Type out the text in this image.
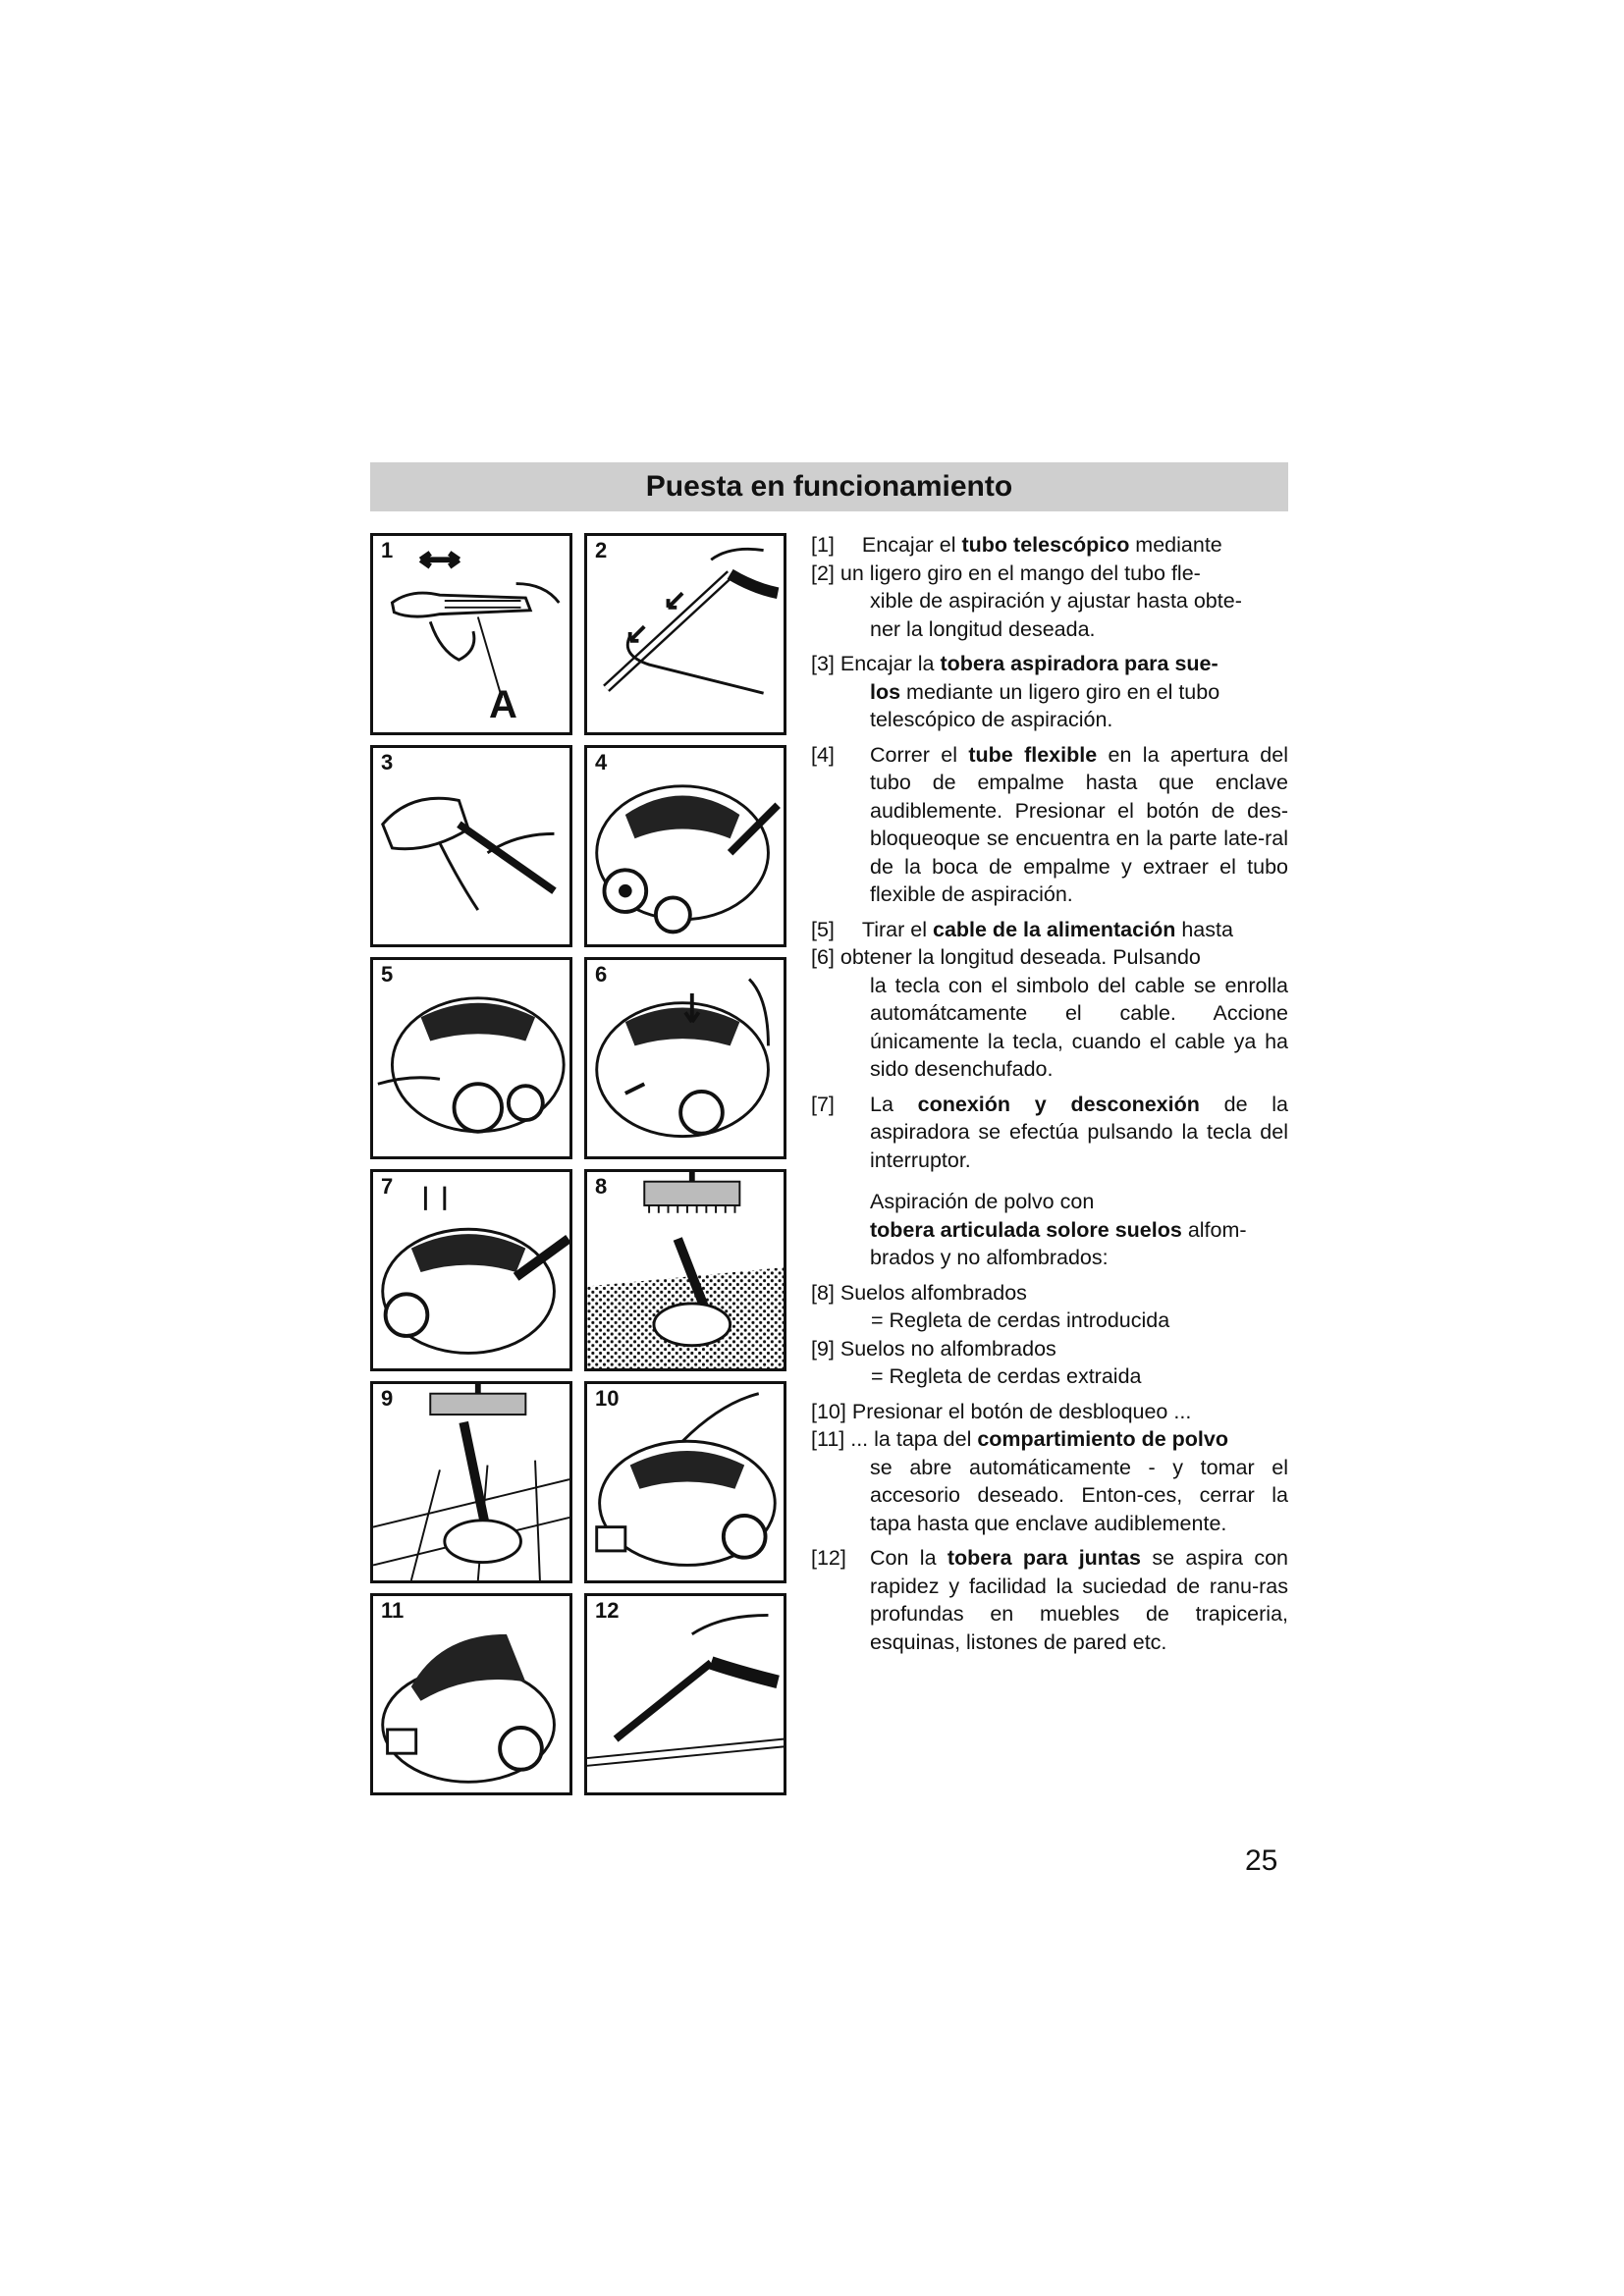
Puesta en funcionamiento
1
A
2
3	4
5	6
7	8
9	10
11	12
[1] Encajar el tubo telescópico mediante
[2] un ligero giro en el mango del tubo fle-
xible de aspiración y ajustar hasta obte-
ner la longitud deseada.
[3] Encajar la tobera aspiradora para sue-
los mediante un ligero giro en el tubo
telescópico de aspiración.
[4]	Correr el tube flexible en la apertura del tubo de empalme hasta que enclave audiblemente. Presionar el botón de des-bloqueoque se encuentra en la parte late-ral de la boca de empalme y extraer el tubo flexible de aspiración.
[5] Tirar el cable de la alimentación hasta
[6] obtener la longitud deseada. Pulsando
la tecla con el simbolo del cable se enrolla automátcamente el cable. Accione únicamente la tecla, cuando el cable ya ha sido desenchufado.
[7]	La conexión y desconexión de la aspiradora se efectúa pulsando la tecla del interruptor.
Aspiración de polvo con
tobera articulada solore suelos alfom-
brados y no alfombrados:
[8] Suelos alfombrados
= Regleta de cerdas introducida
[9] Suelos no alfombrados
= Regleta de cerdas extraida
[10] Presionar el botón de desbloqueo ...
[11] ... la tapa del compartimiento de polvo
se abre automáticamente - y tomar el accesorio deseado. Enton-ces, cerrar la tapa hasta que enclave audiblemente.
[12]	Con la tobera para juntas se aspira con rapidez y facilidad la suciedad de ranu-ras profundas en muebles de trapiceria, esquinas, listones de pared etc.
25
